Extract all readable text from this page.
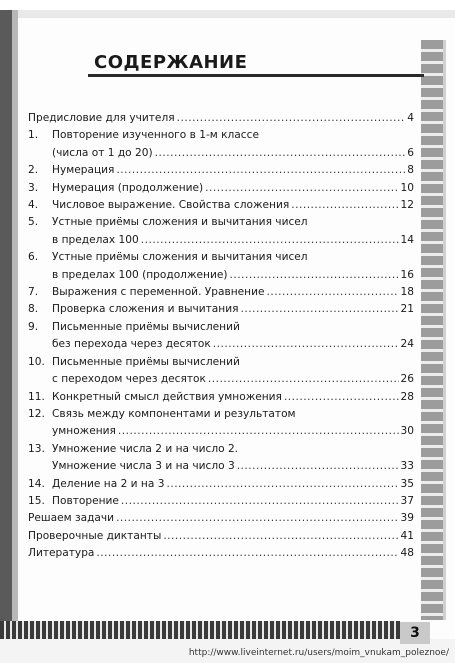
3
http://www.liveinternet.ru/users/moim_vnukam_poleznoe/
СОДЕРЖАНИЕ
Предисловие для учителя .....	4
1.	Повторение изученного в 1-м классе
(числа от 1 до 20) .....	6
2.	Нумерация .....	8
3.	Нумерация (продолжение) .....	10
4.	Числовое выражение. Свойства сложения .....	12
5.	Устные приёмы сложения и вычитания чисел
в пределах 100 .....	14
6.	Устные приёмы сложения и вычитания чисел
в пределах 100 (продолжение) .....	16
7.	Выражения с переменной. Уравнение .....	18
8.	Проверка сложения и вычитания .....	21
9.	Письменные приёмы вычислений
без перехода через десяток .....	24
10. Письменные приёмы вычислений
с переходом через десяток .....	26
11. Конкретный смысл действия умножения .....	28
12. Связь между компонентами и результатом
умножения .....	30
13. Умножение числа 2 и на число 2.
Умножение числа 3 и на число 3 .....	33
14. Деление на 2 и на 3 .....	35
15. Повторение .....	37
Решаем задачи .....	39
Проверочные диктанты .....	41
Литература .....	48
